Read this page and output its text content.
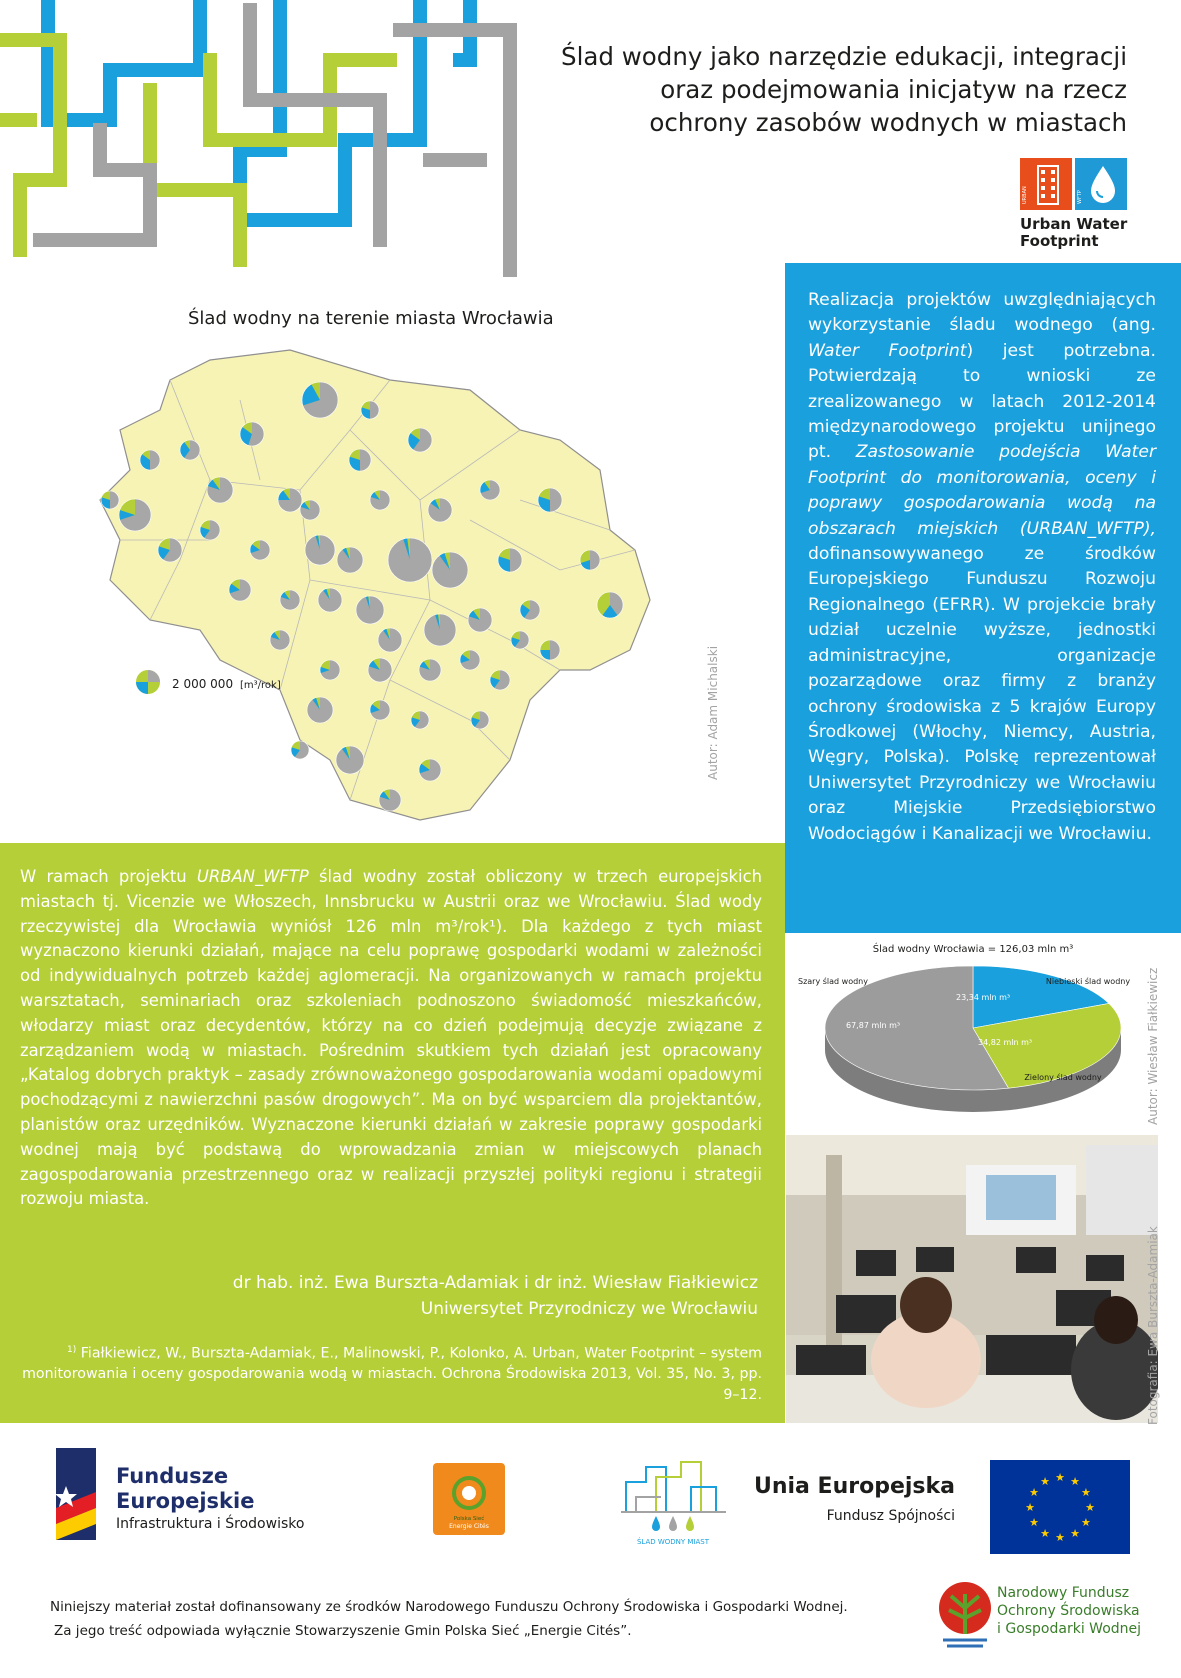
Ślad wodny jako narzędzie edukacji, integracji
oraz podejmowania inicjatyw na rzecz
ochrony zasobów wodnych w miastach
URBAN	WFTP
Urban Water
Footprint
Ślad wodny na terenie miasta Wrocławia
2 000 000 [m³/rok]	Autor: Adam Michalski
Realizacja projektów uwzględniających wykorzystanie śladu wodnego (ang. Water Footprint) jest potrzebna. Potwierdzają to wnioski ze zrealizowanego w latach 2012-2014 międzynarodowego projektu unijnego pt. Zastosowanie podejścia Water Footprint do monitorowania, oceny i poprawy gospodarowania wodą na obszarach miejskich (URBAN_WFTP), dofinansowywanego ze środków Europejskiego Funduszu Rozwoju Regionalnego (EFRR). W projekcie brały udział uczelnie wyższe, jednostki administracyjne, organizacje pozarządowe oraz firmy z branży ochrony środowiska z 5 krajów Europy Środkowej (Włochy, Niemcy, Austria, Węgry, Polska). Polskę reprezentował Uniwersytet Przyrodniczy we Wrocławiu oraz Miejskie Przedsiębiorstwo Wodociągów i Kanalizacji we Wrocławiu.
W ramach projektu URBAN_WFTP ślad wodny został obliczony w trzech europejskich miastach tj. Vicenzie we Włoszech, Innsbrucku w Austrii oraz we Wrocławiu. Ślad wody rzeczywistej dla Wrocławia wyniósł 126 mln m³/rok¹). Dla każdego z tych miast wyznaczono kierunki działań, mające na celu poprawę gospodarki wodami w zależności od indywidualnych potrzeb każdej aglomeracji. Na organizowanych w ramach projektu warsztatach, seminariach oraz szkoleniach podnoszono świadomość mieszkańców, włodarzy miast oraz decydentów, którzy na co dzień podejmują decyzje związane z zarządzaniem wodą w miastach. Pośrednim skutkiem tych działań jest opracowany „Katalog dobrych praktyk – zasady zrównoważonego gospodarowania wodami opadowymi pochodzącymi z nawierzchni pasów drogowych”. Ma on być wsparciem dla projektantów, planistów oraz urzędników. Wyznaczone kierunki działań w zakresie poprawy gospodarki wodnej mają być podstawą do wprowadzania zmian w miejscowych planach zagospodarowania przestrzennego oraz w realizacji przyszłej polityki regionu i strategii rozwoju miasta.
dr hab. inż. Ewa Burszta-Adamiak i dr inż. Wiesław Fiałkiewicz
Uniwersytet Przyrodniczy we Wrocławiu
$^{1)}$ Fiałkiewicz, W., Burszta-Adamiak, E., Malinowski, P., Kolonko, A. Urban, Water Footprint – system monitorowania i oceny gospodarowania wodą w miastach. Ochrona Środowiska 2013, Vol. 35, No. 3, pp. 9–12.
Ślad wodny Wrocławia = 126,03 mln m³
Szary ślad wodny	Niebieski ślad wodny
Zielony ślad wodny
23,34 mln m³
34,82 mln m³
67,87 mln m³	Autor: Wiesław Fiałkiewicz
Fotografia: Ewa Burszta-Adamiak
Fundusze
Europejskie
Infrastruktura i Środowisko	Polska Sieć
Energie Cités
ŚLAD WODNY MIAST
Unia Europejska
Fundusz Spójności
★
★
★
★
★
★
★
★
★ ★ ★
★
Niniejszy materiał został dofinansowany ze środków Narodowego Funduszu Ochrony Środowiska i Gospodarki Wodnej.
Za jego treść odpowiada wyłącznie Stowarzyszenie Gmin Polska Sieć „Energie Cités”.
Narodowy Fundusz
Ochrony Środowiska
i Gospodarki Wodnej
